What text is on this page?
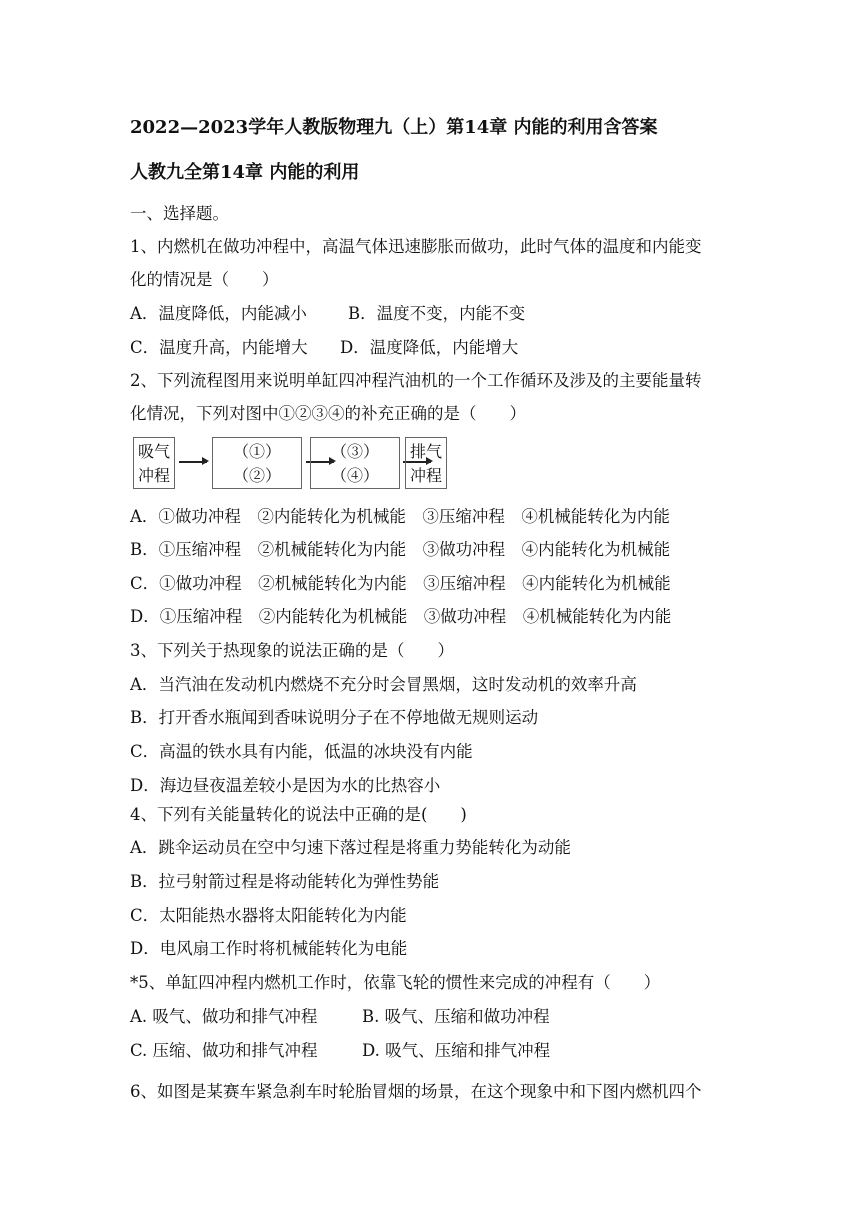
2022—2023学年人教版物理九（上）第14章 内能的利用含答案
人教九全第14章 内能的利用
一、选择题。
1、内燃机在做功冲程中，高温气体迅速膨胀而做功，此时气体的温度和内能变
化的情况是（　　）
A．温度降低，内能减小 B．温度不变，内能不变
C．温度升高，内能增大 D．温度降低，内能增大
2、下列流程图用来说明单缸四冲程汽油机的一个工作循环及涉及的主要能量转
化情况，下列对图中①②③④的补充正确的是（　　）
吸气
冲程
（①）
（②）
（③）
（④）
排气
冲程
A．①做功冲程　②内能转化为机械能　③压缩冲程　④机械能转化为内能
B．①压缩冲程　②机械能转化为内能　③做功冲程　④内能转化为机械能
C．①做功冲程　②机械能转化为内能　③压缩冲程　④内能转化为机械能
D．①压缩冲程　②内能转化为机械能　③做功冲程　④机械能转化为内能
3、下列关于热现象的说法正确的是（　　）
A．当汽油在发动机内燃烧不充分时会冒黑烟，这时发动机的效率升高
B．打开香水瓶闻到香味说明分子在不停地做无规则运动
C．高温的铁水具有内能，低温的冰块没有内能
D．海边昼夜温差较小是因为水的比热容小
4、下列有关能量转化的说法中正确的是(　　)
A．跳伞运动员在空中匀速下落过程是将重力势能转化为动能
B．拉弓射箭过程是将动能转化为弹性势能
C．太阳能热水器将太阳能转化为内能
D．电风扇工作时将机械能转化为电能
*5、单缸四冲程内燃机工作时，依靠飞轮的惯性来完成的冲程有（　　）
A. 吸气、做功和排气冲程	B. 吸气、压缩和做功冲程
C. 压缩、做功和排气冲程	D. 吸气、压缩和排气冲程
6、如图是某赛车紧急刹车时轮胎冒烟的场景，在这个现象中和下图内燃机四个
